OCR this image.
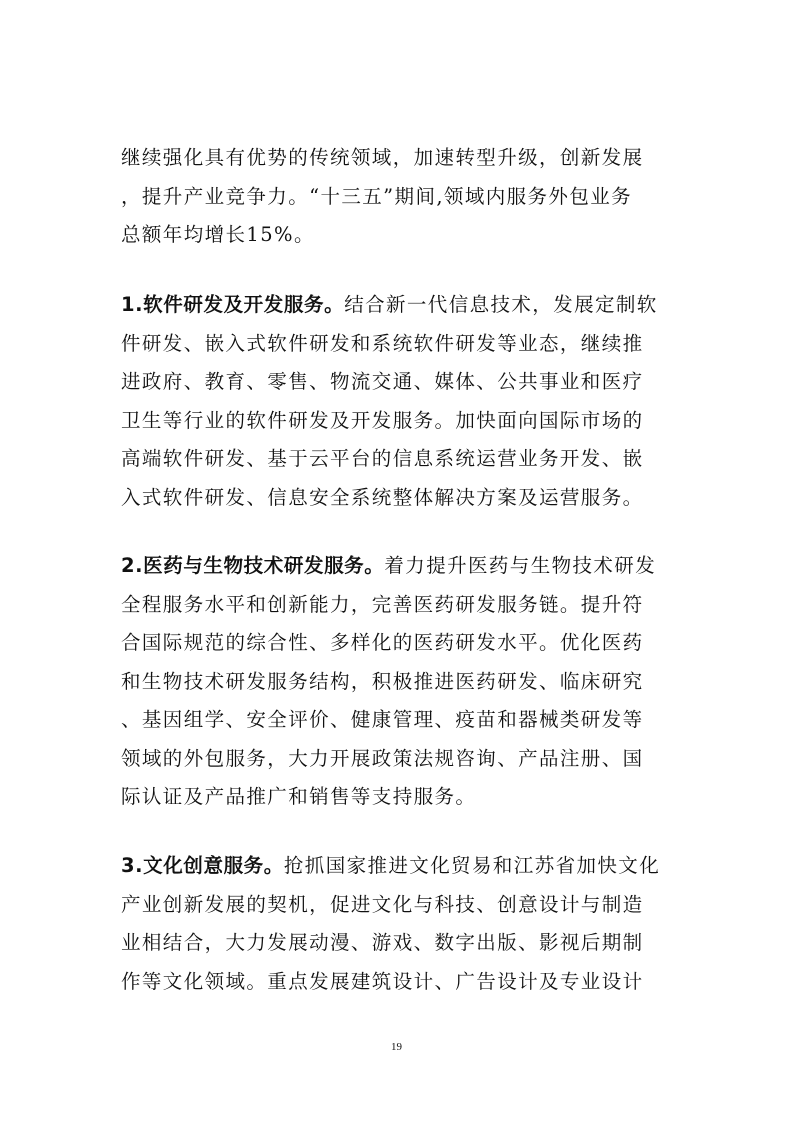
继续强化具有优势的传统领域，加速转型升级，创新发展
，提升产业竞争力。“十三五”期间,领域内服务外包业务
总额年均增长15%。
1.软件研发及开发服务。结合新一代信息技术，发展定制软
件研发、嵌入式软件研发和系统软件研发等业态，继续推
进政府、教育、零售、物流交通、媒体、公共事业和医疗
卫生等行业的软件研发及开发服务。加快面向国际市场的
高端软件研发、基于云平台的信息系统运营业务开发、嵌
入式软件研发、信息安全系统整体解决方案及运营服务。
2.医药与生物技术研发服务。着力提升医药与生物技术研发
全程服务水平和创新能力，完善医药研发服务链。提升符
合国际规范的综合性、多样化的医药研发水平。优化医药
和生物技术研发服务结构，积极推进医药研发、临床研究
、基因组学、安全评价、健康管理、疫苗和器械类研发等
领域的外包服务，大力开展政策法规咨询、产品注册、国
际认证及产品推广和销售等支持服务。
3.文化创意服务。抢抓国家推进文化贸易和江苏省加快文化
产业创新发展的契机，促进文化与科技、创意设计与制造
业相结合，大力发展动漫、游戏、数字出版、影视后期制
作等文化领域。重点发展建筑设计、广告设计及专业设计
19
